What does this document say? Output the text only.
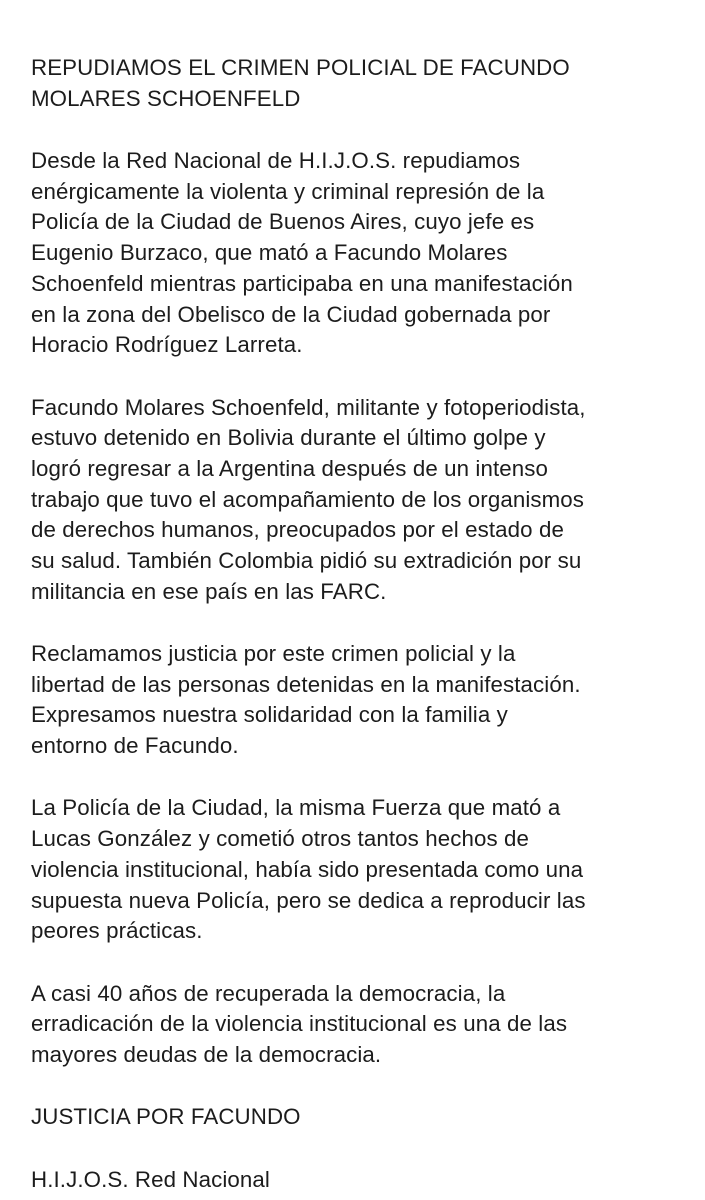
REPUDIAMOS EL CRIMEN POLICIAL DE FACUNDO
MOLARES SCHOENFELD

Desde la Red Nacional de H.I.J.O.S. repudiamos
enérgicamente la violenta y criminal represión de la
Policía de la Ciudad de Buenos Aires, cuyo jefe es
Eugenio Burzaco, que mató a Facundo Molares
Schoenfeld mientras participaba en una manifestación
en la zona del Obelisco de la Ciudad gobernada por
Horacio Rodríguez Larreta.

Facundo Molares Schoenfeld, militante y fotoperiodista,
estuvo detenido en Bolivia durante el último golpe y
logró regresar a la Argentina después de un intenso
trabajo que tuvo el acompañamiento de los organismos
de derechos humanos, preocupados por el estado de
su salud. También Colombia pidió su extradición por su
militancia en ese país en las FARC.

Reclamamos justicia por este crimen policial y la
libertad de las personas detenidas en la manifestación.
Expresamos nuestra solidaridad con la familia y
entorno de Facundo.

La Policía de la Ciudad, la misma Fuerza que mató a
Lucas González y cometió otros tantos hechos de
violencia institucional, había sido presentada como una
supuesta nueva Policía, pero se dedica a reproducir las
peores prácticas.

A casi 40 años de recuperada la democracia, la
erradicación de la violencia institucional es una de las
mayores deudas de la democracia.

JUSTICIA POR FACUNDO

H.I.J.O.S. Red Nacional
